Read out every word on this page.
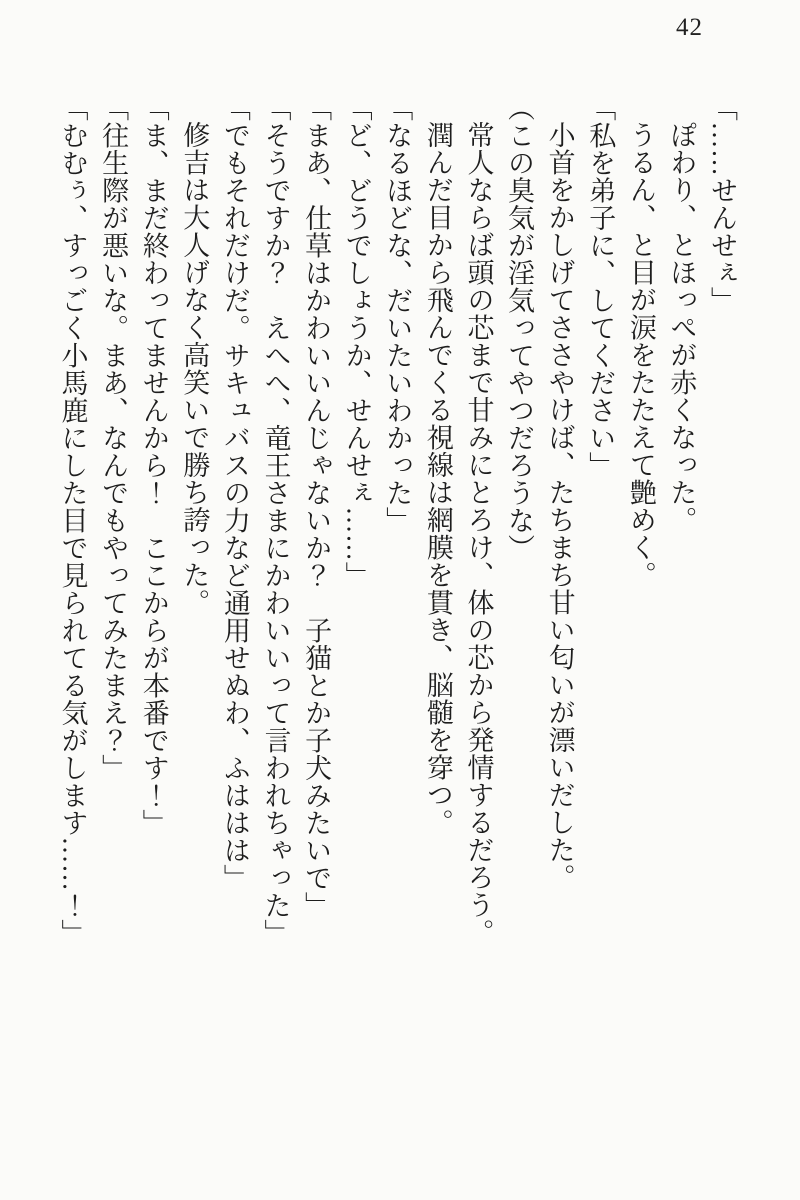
42

「……せんせぇ」

ぽわり、とほっぺが赤くなった。

うるん、と目が涙をたたえて艶めく。

「私を弟子に、してください」

小首をかしげてささやけば、たちまち甘い匂いが漂いだした。

（この臭気が淫気ってやつだろうな）

常人ならば頭の芯まで甘みにとろけ、体の芯から発情するだろう。

潤んだ目から飛んでくる視線は網膜を貫き、脳髄を穿つ。

「なるほどな、だいたいわかった」

「ど、どうでしょうか、せんせぇ……」

「まあ、仕草はかわいいんじゃないか？　子猫とか子犬みたいで」

「そうですか？　えへへ、竜王さまにかわいいって言われちゃった」

「でもそれだけだ。サキュバスの力など通用せぬわ、ふははは」

修吉は大人げなく高笑いで勝ち誇った。

「ま、まだ終わってませんから！　ここからが本番です！」

「往生際が悪いな。まあ、なんでもやってみたまえ？」

「むむぅ、すっごく小馬鹿にした目で見られてる気がします……！」
